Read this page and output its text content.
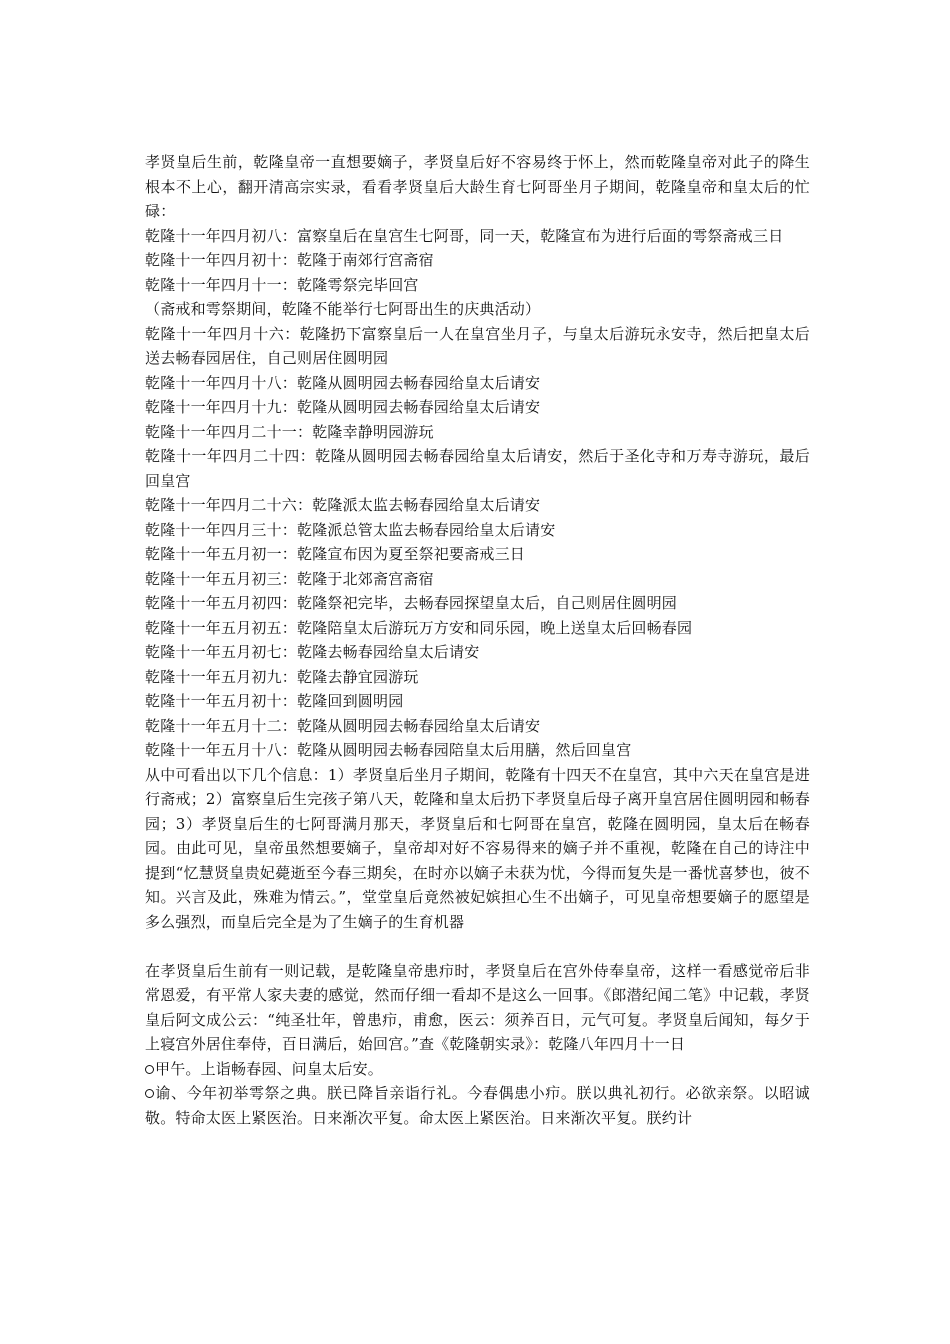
孝贤皇后生前，乾隆皇帝一直想要嫡子，孝贤皇后好不容易终于怀上，然而乾隆皇帝对此子的降生根本不上心，翻开清高宗实录，看看孝贤皇后大龄生育七阿哥坐月子期间，乾隆皇帝和皇太后的忙碌：

乾隆十一年四月初八：富察皇后在皇宫生七阿哥，同一天，乾隆宣布为进行后面的雩祭斋戒三日

乾隆十一年四月初十：乾隆于南郊行宫斋宿

乾隆十一年四月十一：乾隆雩祭完毕回宫

（斋戒和雩祭期间，乾隆不能举行七阿哥出生的庆典活动）

乾隆十一年四月十六：乾隆扔下富察皇后一人在皇宫坐月子，与皇太后游玩永安寺，然后把皇太后送去畅春园居住，自己则居住圆明园

乾隆十一年四月十八：乾隆从圆明园去畅春园给皇太后请安

乾隆十一年四月十九：乾隆从圆明园去畅春园给皇太后请安

乾隆十一年四月二十一：乾隆幸静明园游玩

乾隆十一年四月二十四：乾隆从圆明园去畅春园给皇太后请安，然后于圣化寺和万寿寺游玩，最后回皇宫

乾隆十一年四月二十六：乾隆派太监去畅春园给皇太后请安

乾隆十一年四月三十：乾隆派总管太监去畅春园给皇太后请安

乾隆十一年五月初一：乾隆宣布因为夏至祭祀要斋戒三日

乾隆十一年五月初三：乾隆于北郊斋宫斋宿

乾隆十一年五月初四：乾隆祭祀完毕，去畅春园探望皇太后，自己则居住圆明园

乾隆十一年五月初五：乾隆陪皇太后游玩万方安和同乐园，晚上送皇太后回畅春园

乾隆十一年五月初七：乾隆去畅春园给皇太后请安

乾隆十一年五月初九：乾隆去静宜园游玩

乾隆十一年五月初十：乾隆回到圆明园

乾隆十一年五月十二：乾隆从圆明园去畅春园给皇太后请安

乾隆十一年五月十八：乾隆从圆明园去畅春园陪皇太后用膳，然后回皇宫

从中可看出以下几个信息：1）孝贤皇后坐月子期间，乾隆有十四天不在皇宫，其中六天在皇宫是进行斋戒；2）富察皇后生完孩子第八天，乾隆和皇太后扔下孝贤皇后母子离开皇宫居住圆明园和畅春园；3）孝贤皇后生的七阿哥满月那天，孝贤皇后和七阿哥在皇宫，乾隆在圆明园，皇太后在畅春园。由此可见，皇帝虽然想要嫡子，皇帝却对好不容易得来的嫡子并不重视，乾隆在自己的诗注中提到“忆慧贤皇贵妃薨逝至今春三期矣，在时亦以嫡子未获为忧，今得而复失是一番忧喜梦也，彼不知。兴言及此，殊难为情云。”，堂堂皇后竟然被妃嫔担心生不出嫡子，可见皇帝想要嫡子的愿望是多么强烈，而皇后完全是为了生嫡子的生育机器

在孝贤皇后生前有一则记载，是乾隆皇帝患疖时，孝贤皇后在宫外侍奉皇帝，这样一看感觉帝后非常恩爱，有平常人家夫妻的感觉，然而仔细一看却不是这么一回事。《郎潜纪闻二笔》中记载，孝贤皇后阿文成公云：“纯圣壮年，曾患疖，甫愈，医云：须养百日，元气可复。孝贤皇后闻知，每夕于上寝宫外居住奉侍，百日满后，始回宫。”查《乾隆朝实录》：乾隆八年四月十一日

甲午。上诣畅春园、问皇太后安。

谕、今年初举雩祭之典。朕已降旨亲诣行礼。今春偶患小疖。朕以典礼初行。必欲亲祭。以昭诚敬。特命太医上紧医治。日来渐次平复。命太医上紧医治。日来渐次平复。朕约计
